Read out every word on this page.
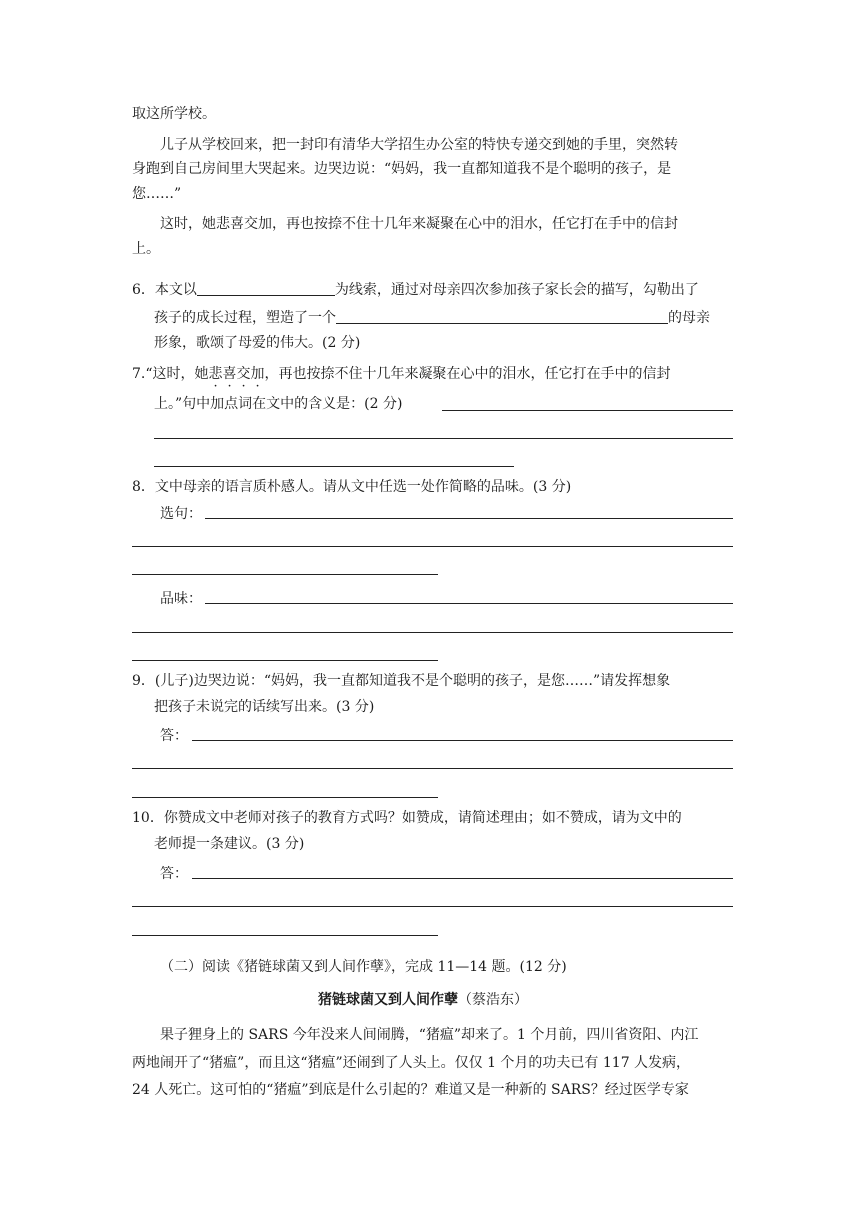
取这所学校。
儿子从学校回来，把一封印有清华大学招生办公室的特快专递交到她的手里，突然转
身跑到自己房间里大哭起来。边哭边说：“妈妈，我一直都知道我不是个聪明的孩子，是
您……”
这时，她悲喜交加，再也按捺不住十几年来凝聚在心中的泪水，任它打在手中的信封
上。
6．本文以	为线索，通过对母亲四次参加孩子家长会的描写，勾勒出了
孩子的成长过程，塑造了一个	的母亲
形象，歌颂了母爱的伟大。(2 分)
7.“这时，她悲喜交加，再也按捺不住十几年来凝聚在心中的泪水，任它打在手中的信封
上。”句中加点词在文中的含义是：(2 分)
8．文中母亲的语言质朴感人。请从文中任选一处作简略的品味。(3 分)
选句：
品味：
9．(儿子)边哭边说：“妈妈，我一直都知道我不是个聪明的孩子，是您……”请发挥想象
把孩子未说完的话续写出来。(3 分)
答：
10．你赞成文中老师对孩子的教育方式吗？如赞成，请简述理由；如不赞成，请为文中的
老师提一条建议。(3 分)
答：
（二）阅读《猪链球菌又到人间作孽》，完成 11—14 题。(12 分)
猪链球菌又到人间作孽（蔡浩东）
果子狸身上的 SARS 今年没来人间闹腾，“猪瘟”却来了。1 个月前，四川省资阳、内江
两地闹开了“猪瘟”，而且这“猪瘟”还闹到了人头上。仅仅 1 个月的功夫已有 117 人发病，
24 人死亡。这可怕的“猪瘟”到底是什么引起的？难道又是一种新的 SARS？经过医学专家
